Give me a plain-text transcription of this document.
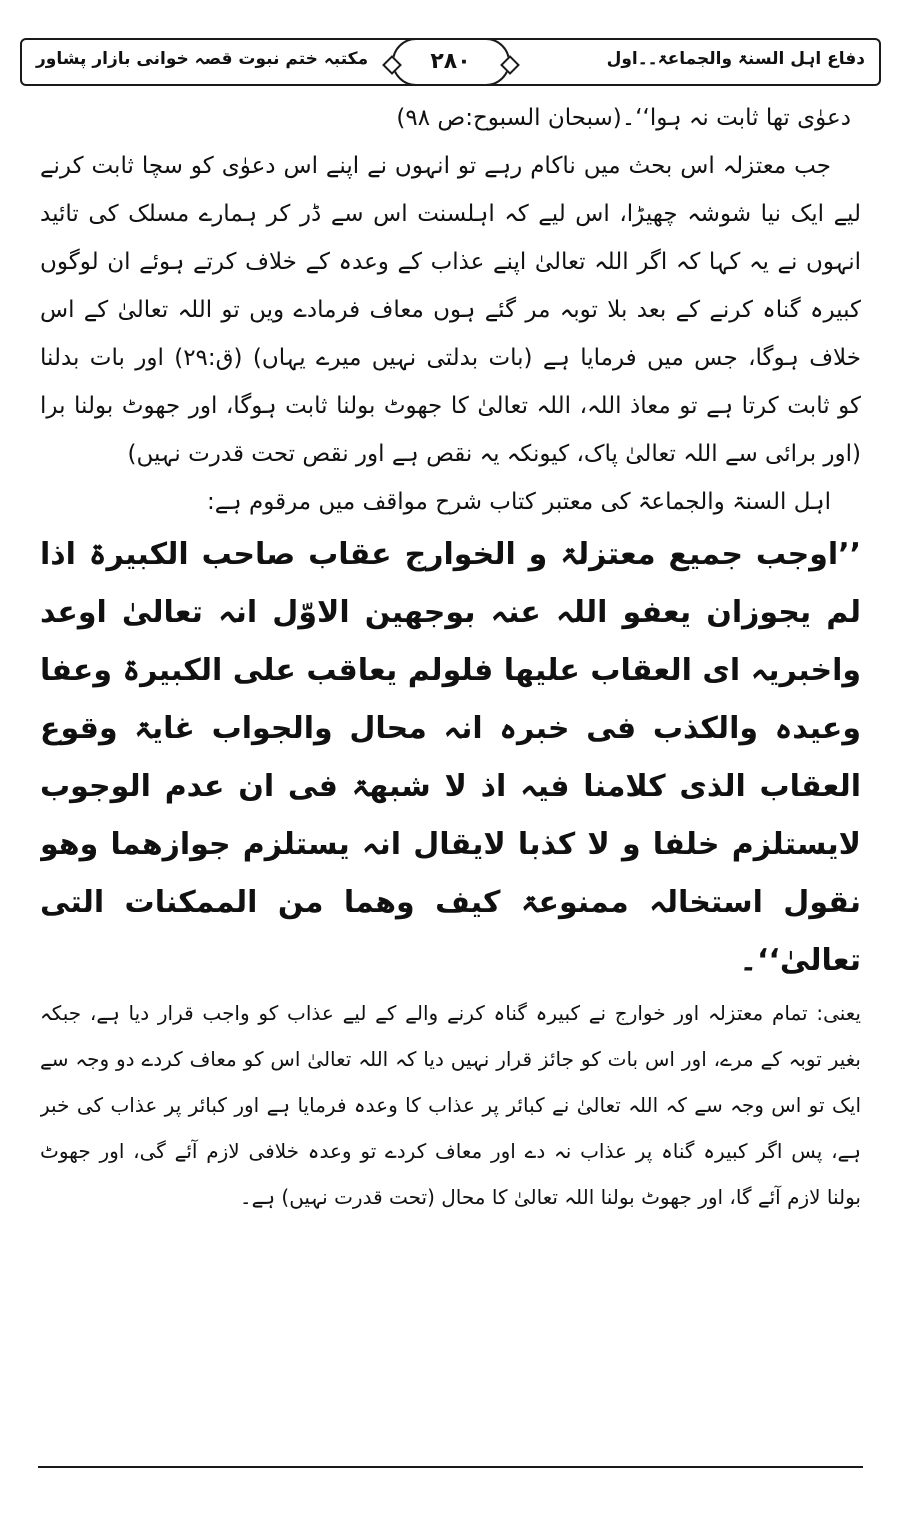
مکتبہ ختم نبوت قصہ خوانی بازار پشاور	۲۸۰	دفاع اہل السنۃ والجماعۃ۔۔اول
دعوٰی تھا ثابت نہ ہوا‘‘۔(سبحان السبوح:ص ۹۸)
جب معتزلہ اس بحث میں ناکام رہے تو انہوں نے اپنے اس دعوٰی کو سچا ثابت کرنے
لیے ایک نیا شوشہ چھیڑا، اس لیے کہ اہلسنت اس سے ڈر کر ہمارے مسلک کی تائید
انہوں نے یہ کہا کہ اگر اللہ تعالیٰ اپنے عذاب کے وعدہ کے خلاف کرتے ہوئے ان لوگوں
کبیرہ گناہ کرنے کے بعد بلا توبہ مر گئے ہوں معاف فرمادے ویں تو اللہ تعالیٰ کے اس
خلاف ہوگا، جس میں فرمایا ہے (بات بدلتی نہیں میرے یہاں) (ق:۲۹) اور بات بدلنا
کو ثابت کرتا ہے تو معاذ اللہ، اللہ تعالیٰ کا جھوٹ بولنا ثابت ہوگا، اور جھوٹ بولنا برا
(اور برائی سے اللہ تعالیٰ پاک، کیونکہ یہ نقص ہے اور نقص تحت قدرت نہیں)
اہل السنۃ والجماعۃ کی معتبر کتاب شرح مواقف میں مرقوم ہے:
’’اوجب جمیع معتزلۃ و الخوارج عقاب صاحب الکبیرۃ اذا
لم یجوزان یعفو اللہ عنہ بوجھین الاوّل انہ تعالیٰ اوعد
واخبریہ ای العقاب علیھا فلولم یعاقب علی الکبیرۃ وعفا
وعیدہ والکذب فی خبرہ انہ محال والجواب غایۃ وقوع
العقاب الذی کلامنا فیہ اذ لا شبھۃ فی ان عدم الوجوب
لایستلزم خلفا و لا کذبا لایقال انہ یستلزم جوازھما وھو
نقول استخالہ ممنوعۃ کیف وھما من الممکنات التی
تعالیٰ‘‘۔
یعنی: تمام معتزلہ اور خوارج نے کبیرہ گناہ کرنے والے کے لیے عذاب کو واجب قرار دیا ہے، جبکہ
بغیر توبہ کے مرے، اور اس بات کو جائز قرار نہیں دیا کہ اللہ تعالیٰ اس کو معاف کردے دو وجہ سے
ایک تو اس وجہ سے کہ اللہ تعالیٰ نے کبائر پر عذاب کا وعدہ فرمایا ہے اور کبائر پر عذاب کی خبر
ہے، پس اگر کبیرہ گناہ پر عذاب نہ دے اور معاف کردے تو وعدہ خلافی لازم آئے گی، اور جھوٹ
بولنا لازم آئے گا، اور جھوٹ بولنا اللہ تعالیٰ کا محال (تحت قدرت نہیں) ہے۔
